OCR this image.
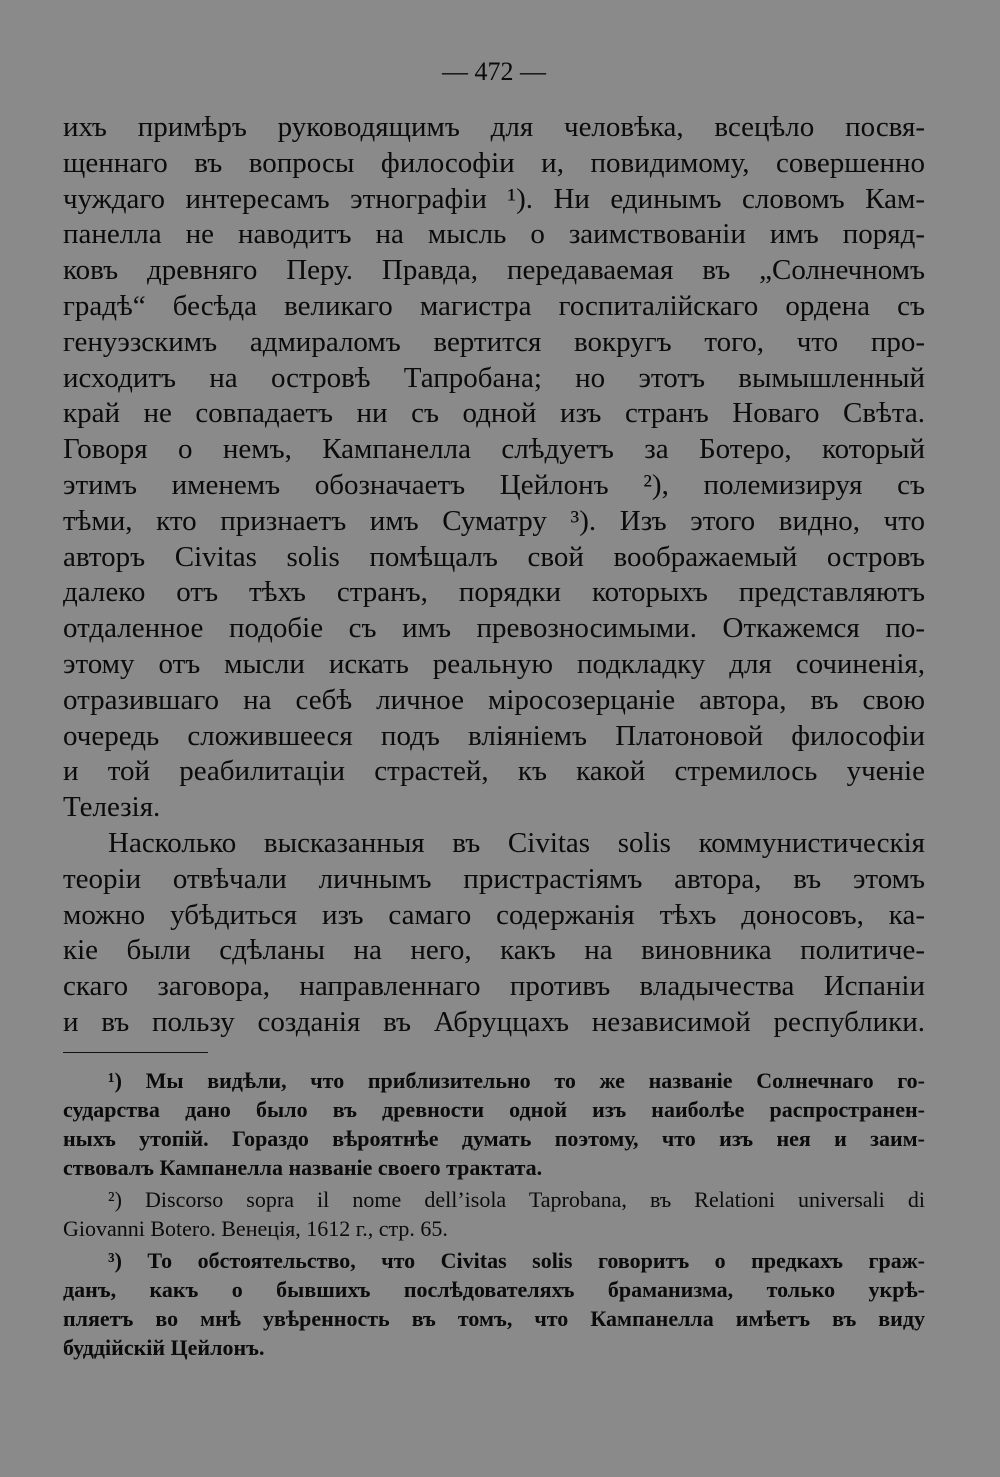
— 472 —
ихъ примѣръ руководящимъ для человѣка, всецѣло посвя-
щеннаго въ вопросы философіи и, повидимому, совершенно
чуждаго интересамъ этнографіи ¹). Ни единымъ словомъ Кам-
панелла не наводитъ на мысль о заимствованіи имъ поряд-
ковъ древняго Перу. Правда, передаваемая въ „Солнечномъ
градѣ“ бесѣда великаго магистра госпиталійскаго ордена съ
генуэзскимъ адмираломъ вертится вокругъ того, что про-
исходитъ на островѣ Тапробана; но этотъ вымышленный
край не совпадаетъ ни съ одной изъ странъ Новаго Свѣта.
Говоря о немъ, Кампанелла слѣдуетъ за Ботеро, который
этимъ именемъ обозначаетъ Цейлонъ ²), полемизируя съ
тѣми, кто признаетъ имъ Суматру ³). Изъ этого видно, что
авторъ Civitas solis помѣщалъ свой воображаемый островъ
далеко отъ тѣхъ странъ, порядки которыхъ представляютъ
отдаленное подобіе съ имъ превозносимыми. Откажемся по-
этому отъ мысли искать реальную подкладку для сочиненія,
отразившаго на себѣ личное міросозерцаніе автора, въ свою
очередь сложившееся подъ вліяніемъ Платоновой философіи
и той реабилитаціи страстей, къ какой стремилось ученіе
Телезія.
Насколько высказанныя въ Civitas solis коммунистическія
теоріи отвѣчали личнымъ пристрастіямъ автора, въ этомъ
можно убѣдиться изъ самаго содержанія тѣхъ доносовъ, ка-
кіе были сдѣланы на него, какъ на виновника политиче-
скаго заговора, направленнаго противъ владычества Испаніи
и въ пользу созданія въ Абруццахъ независимой республики.
¹) Мы видѣли, что приблизительно то же названіе Солнечнаго го-
сударства дано было въ древности одной изъ наиболѣе распространен-
ныхъ утопій. Гораздо вѣроятнѣе думать поэтому, что изъ нея и заим-
ствовалъ Кампанелла названіе своего трактата.
²) Discorso sopra il nome dell’isola Taprobana, въ Relationi universali di
Giovanni Botero. Венеція, 1612 г., стр. 65.
³) То обстоятельство, что Civitas solis говоритъ о предкахъ граж-
данъ, какъ о бывшихъ послѣдователяхъ браманизма, только укрѣ-
пляетъ во мнѣ увѣренность въ томъ, что Кампанелла имѣетъ въ виду
буддійскій Цейлонъ.
